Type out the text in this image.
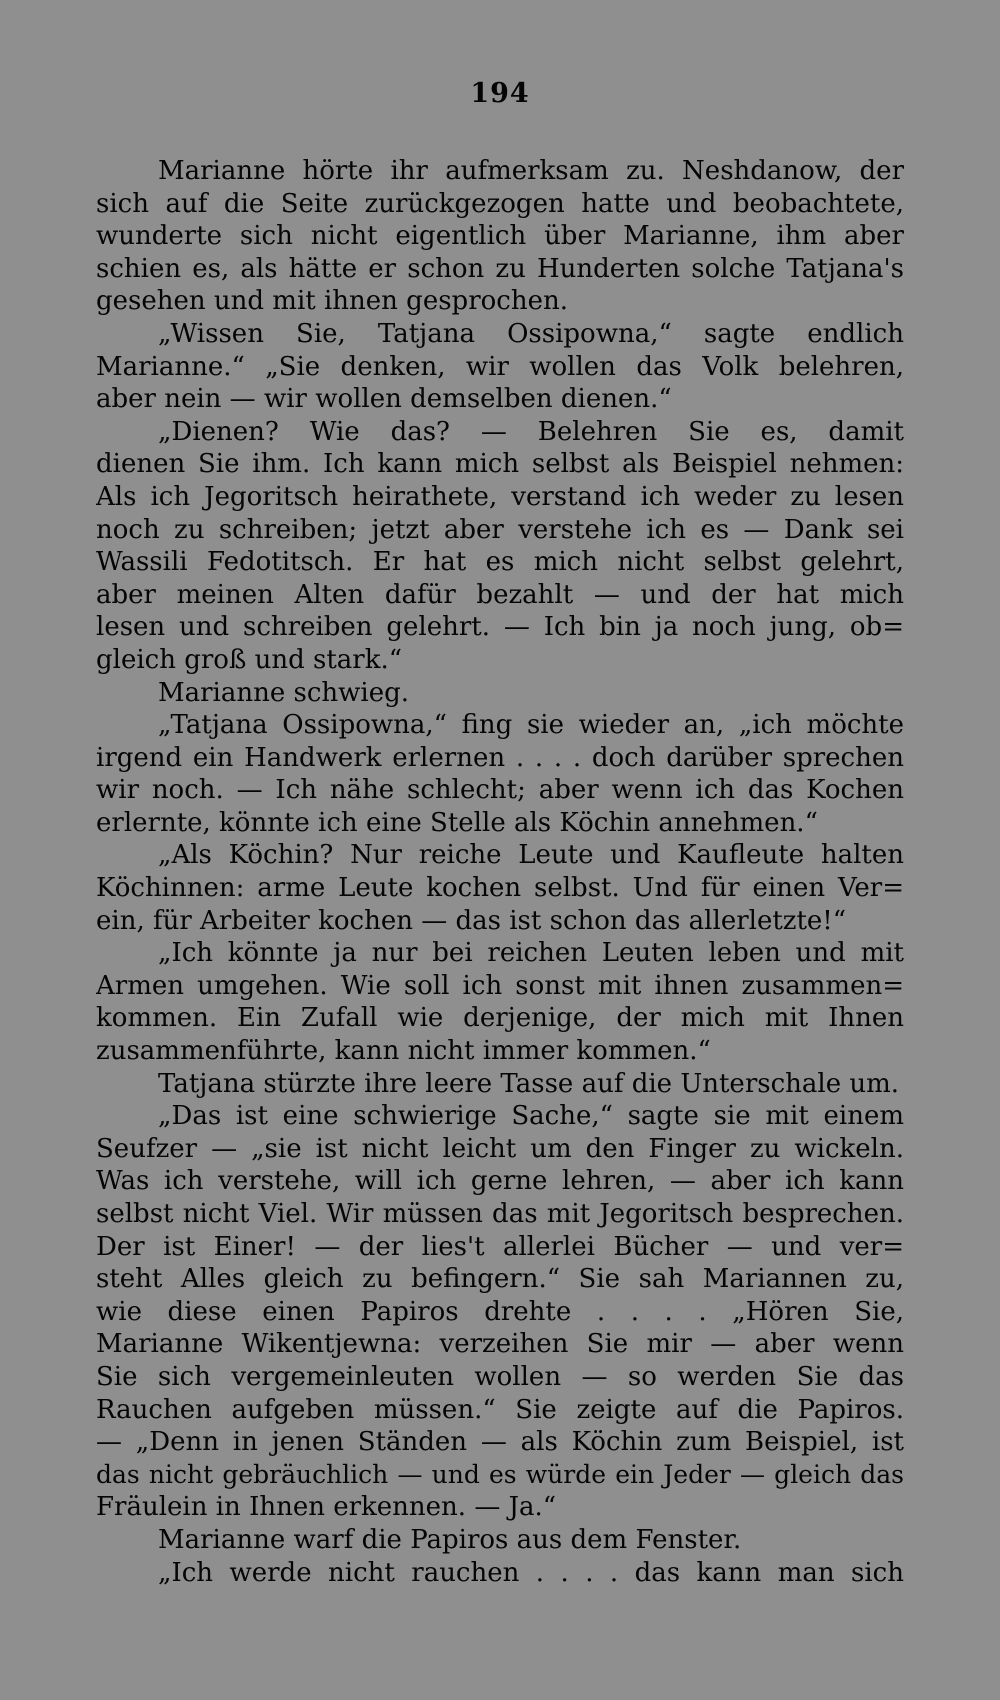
194
Marianne hörte ihr aufmerksam zu. Neshdanow, der
sich auf die Seite zurückgezogen hatte und beobachtete,
wunderte sich nicht eigentlich über Marianne, ihm aber
schien es, als hätte er schon zu Hunderten solche Tatjana's
gesehen und mit ihnen gesprochen.
„Wissen Sie, Tatjana Ossipowna,“ sagte endlich
Marianne.“ „Sie denken, wir wollen das Volk belehren,
aber nein — wir wollen demselben dienen.“
„Dienen? Wie das? — Belehren Sie es, damit
dienen Sie ihm. Ich kann mich selbst als Beispiel nehmen:
Als ich Jegoritsch heirathete, verstand ich weder zu lesen
noch zu schreiben; jetzt aber verstehe ich es — Dank sei
Wassili Fedotitsch. Er hat es mich nicht selbst gelehrt,
aber meinen Alten dafür bezahlt — und der hat mich
lesen und schreiben gelehrt. — Ich bin ja noch jung, ob=
gleich groß und stark.“
Marianne schwieg.
„Tatjana Ossipowna,“ fing sie wieder an, „ich möchte
irgend ein Handwerk erlernen . . . . doch darüber sprechen
wir noch. — Ich nähe schlecht; aber wenn ich das Kochen
erlernte, könnte ich eine Stelle als Köchin annehmen.“
„Als Köchin? Nur reiche Leute und Kaufleute halten
Köchinnen: arme Leute kochen selbst. Und für einen Ver=
ein, für Arbeiter kochen — das ist schon das allerletzte!“
„Ich könnte ja nur bei reichen Leuten leben und mit
Armen umgehen. Wie soll ich sonst mit ihnen zusammen=
kommen. Ein Zufall wie derjenige, der mich mit Ihnen
zusammenführte, kann nicht immer kommen.“
Tatjana stürzte ihre leere Tasse auf die Unterschale um.
„Das ist eine schwierige Sache,“ sagte sie mit einem
Seufzer — „sie ist nicht leicht um den Finger zu wickeln.
Was ich verstehe, will ich gerne lehren, — aber ich kann
selbst nicht Viel. Wir müssen das mit Jegoritsch besprechen.
Der ist Einer! — der lies't allerlei Bücher — und ver=
steht Alles gleich zu befingern.“ Sie sah Mariannen zu,
wie diese einen Papiros drehte . . . . „Hören Sie,
Marianne Wikentjewna: verzeihen Sie mir — aber wenn
Sie sich vergemeinleuten wollen — so werden Sie das
Rauchen aufgeben müssen.“ Sie zeigte auf die Papiros.
— „Denn in jenen Ständen — als Köchin zum Beispiel, ist
das nicht gebräuchlich — und es würde ein Jeder — gleich das
Fräulein in Ihnen erkennen. — Ja.“
Marianne warf die Papiros aus dem Fenster.
„Ich werde nicht rauchen . . . . das kann man sich
